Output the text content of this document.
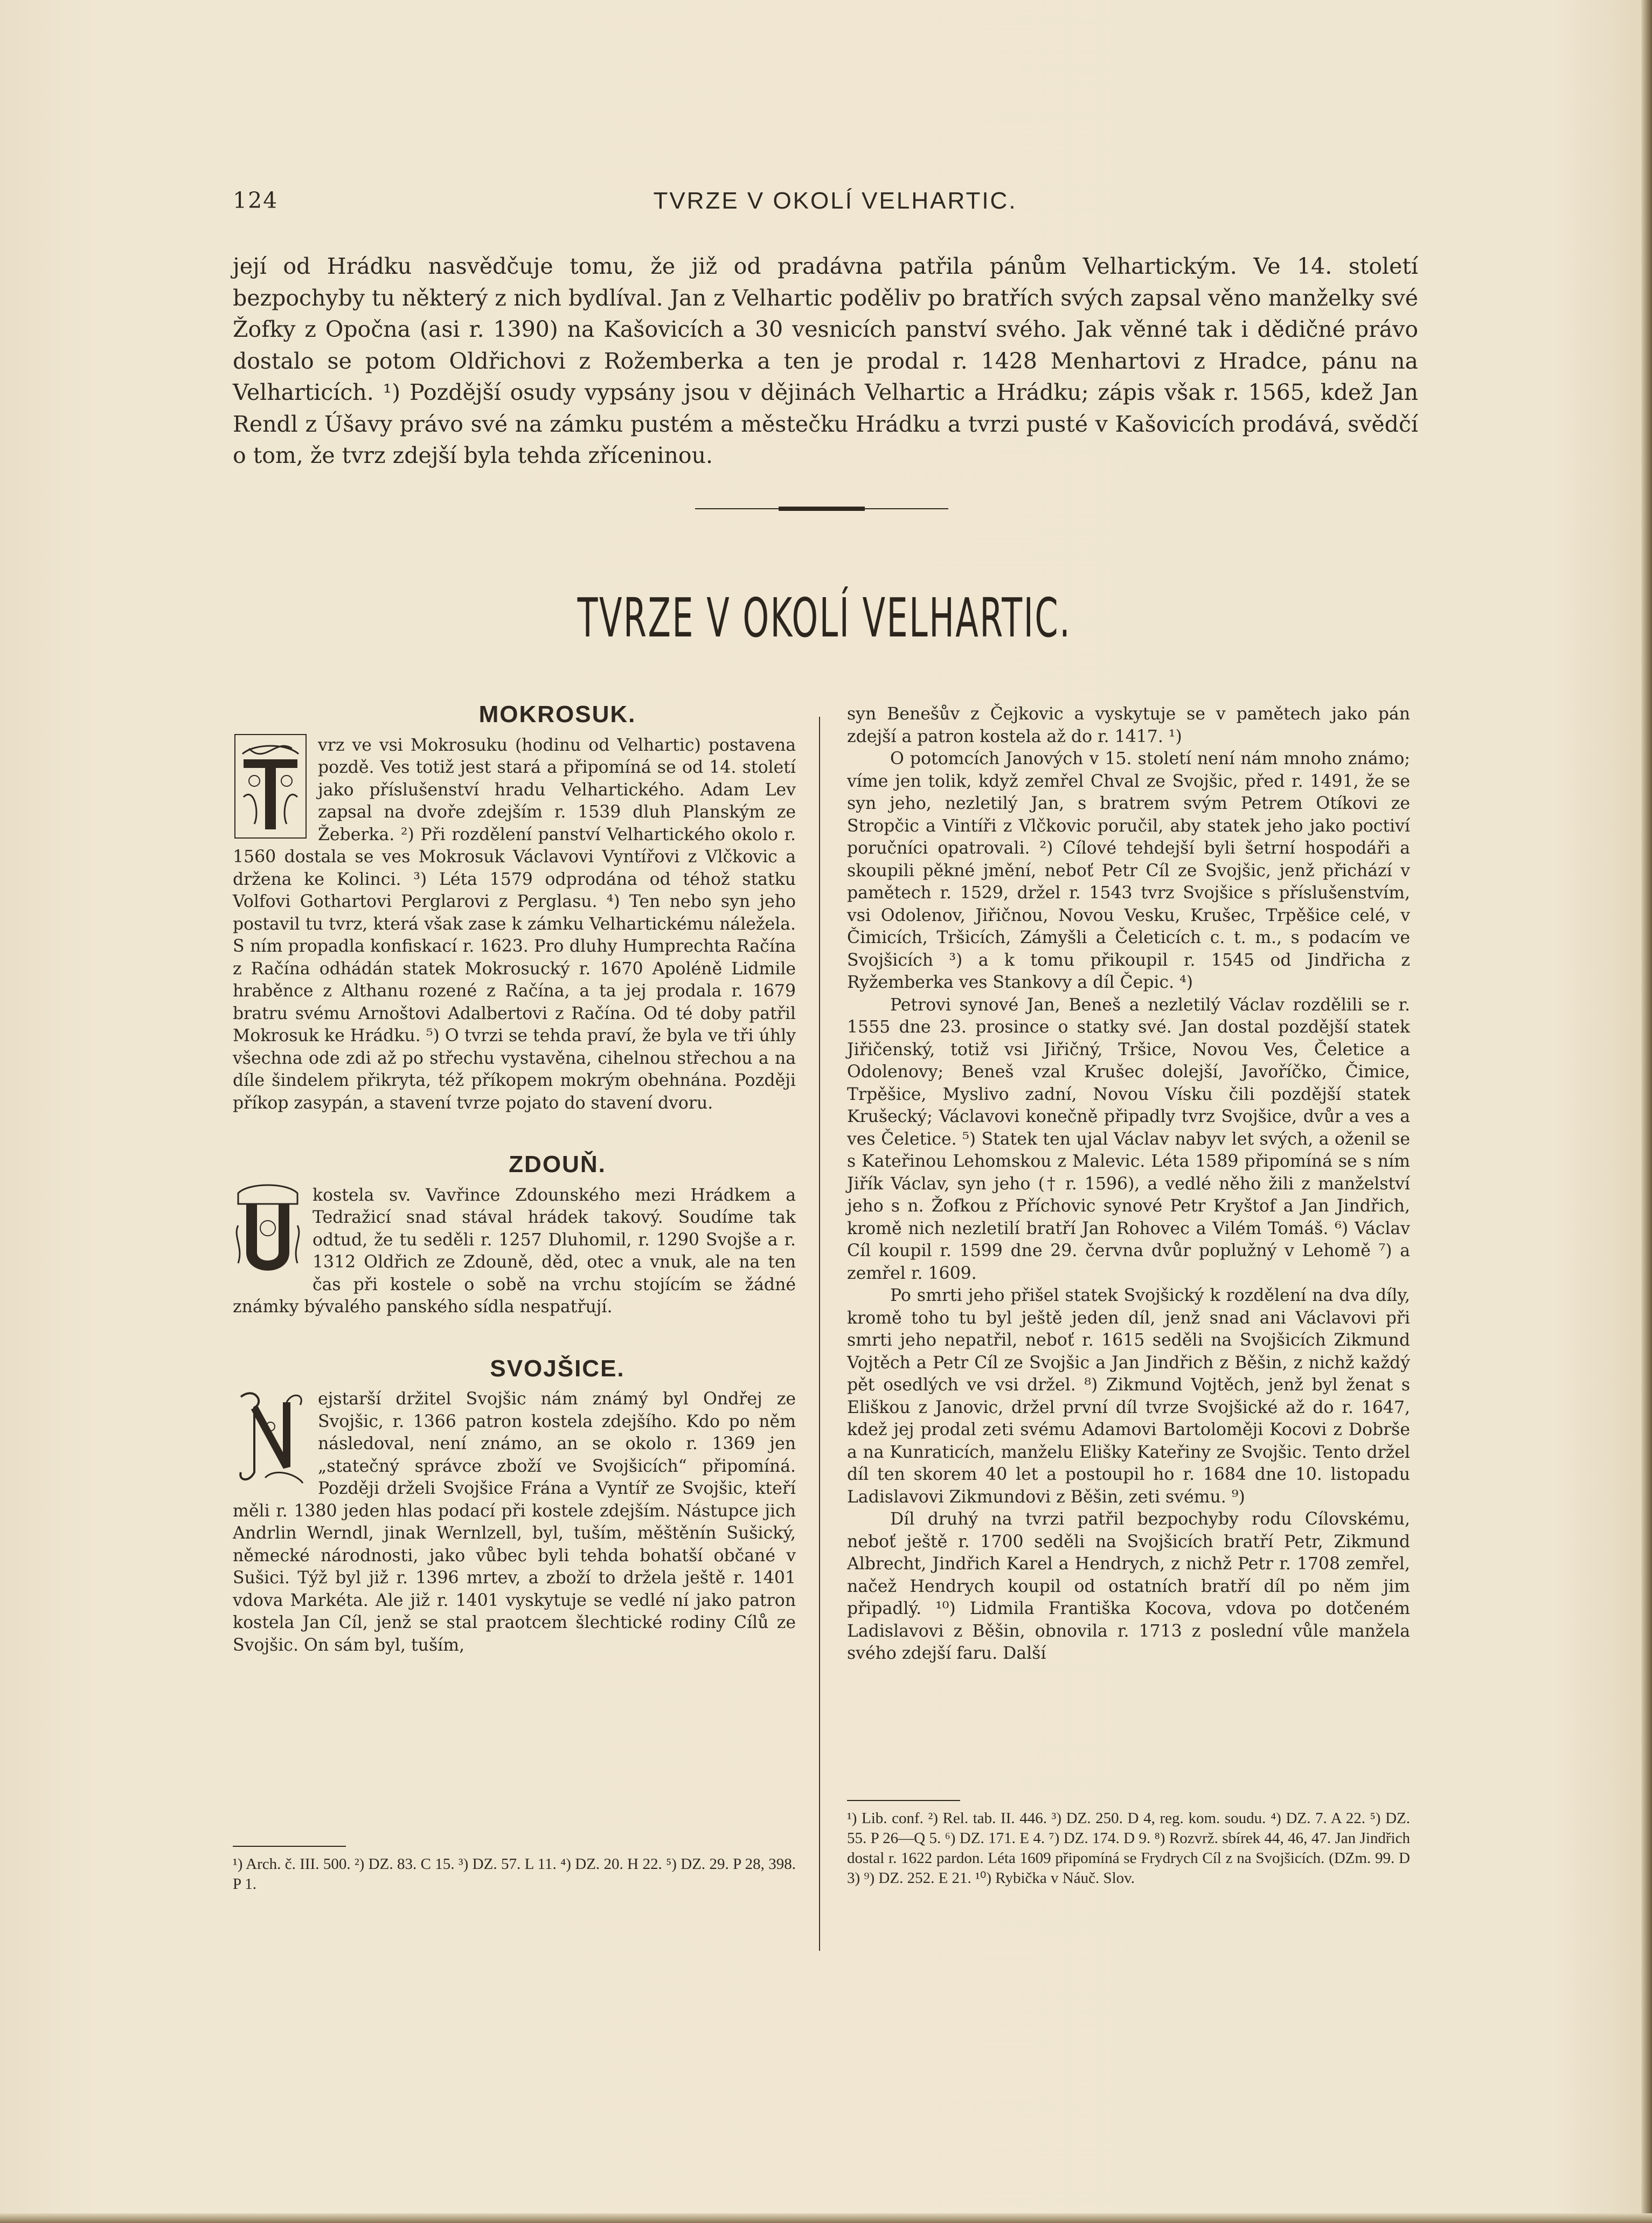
124	TVRZE V OKOLÍ VELHARTIC.
její od Hrádku nasvědčuje tomu, že již od pradávna patřila pánům Velhartickým. Ve 14. století bezpochyby tu některý z nich bydlíval. Jan z Velhartic poděliv po bratřích svých zapsal věno manželky své Žofky z Opočna (asi r. 1390) na Kašovicích a 30 vesnicích panství svého. Jak věnné tak i dědičné právo dostalo se potom Oldřichovi z Rožemberka a ten je prodal r. 1428 Menhartovi z Hradce, pánu na Velharticích. ¹) Pozdější osudy vypsány jsou v dějinách Velhartic a Hrádku; zápis však r. 1565, kdež Jan Rendl z Úšavy právo své na zámku pustém a městečku Hrádku a tvrzi pusté v Kašovicích prodává, svědčí o tom, že tvrz zdejší byla tehda zříceninou.
TVRZE V OKOLÍ VELHARTIC.
MOKROSUK.

vrz ve vsi Mokrosuku (hodinu od Velhartic) postavena pozdě. Ves totiž jest stará a připomíná se od 14. století jako příslušenství hradu Velhartického. Adam Lev zapsal na dvoře zdejším r. 1539 dluh Planským ze Žeberka. ²) Při rozdělení panství Velhartického okolo r. 1560 dostala se ves Mokrosuk Václavovi Vyntířovi z Vlčkovic a držena ke Kolinci. ³) Léta 1579 odprodána od téhož statku Volfovi Gothartovi Perglarovi z Perglasu. ⁴) Ten nebo syn jeho postavil tu tvrz, která však zase k zámku Velhartickému náležela. S ním propadla konfiskací r. 1623. Pro dluhy Humprechta Račína z Račína odhádán statek Mokrosucký r. 1670 Apoléně Lidmile hraběnce z Althanu rozené z Račína, a ta jej prodala r. 1679 bratru svému Arnoštovi Adalbertovi z Račína. Od té doby patřil Mokrosuk ke Hrádku. ⁵) O tvrzi se tehda praví, že byla ve tři úhly všechna ode zdi až po střechu vystavěna, cihelnou střechou a na díle šindelem přikryta, též příkopem mokrým obehnána. Později příkop zasypán, a stavení tvrze pojato do stavení dvoru.

ZDOUŇ.

kostela sv. Vavřince Zdounského mezi Hrádkem a Tedražicí snad stával hrádek takový. Soudíme tak odtud, že tu seděli r. 1257 Dluhomil, r. 1290 Svojše a r. 1312 Oldřich ze Zdouně, děd, otec a vnuk, ale na ten čas při kostele o sobě na vrchu stojícím se žádné známky bývalého panského sídla nespatřují.

SVOJŠICE.

ejstarší držitel Svojšic nám známý byl Ondřej ze Svojšic, r. 1366 patron kostela zdejšího. Kdo po něm následoval, není známo, an se okolo r. 1369 jen „statečný správce zboží ve Svojšicích“ připomíná. Později drželi Svojšice Frána a Vyntíř ze Svojšic, kteří měli r. 1380 jeden hlas podací při kostele zdejším. Nástupce jich Andrlin Werndl, jinak Wernlzell, byl, tuším, měštěnín Sušický, německé národnosti, jako vůbec byli tehda bohatší občané v Sušici. Týž byl již r. 1396 mrtev, a zboží to držela ještě r. 1401 vdova Markéta. Ale již r. 1401 vyskytuje se vedlé ní jako patron kostela Jan Cíl, jenž se stal praotcem šlechtické rodiny Cílů ze Svojšic. On sám byl, tuším,

syn Benešův z Čejkovic a vyskytuje se v pamětech jako pán zdejší a patron kostela až do r. 1417. ¹)

O potomcích Janových v 15. století není nám mnoho známo; víme jen tolik, když zemřel Chval ze Svojšic, před r. 1491, že se syn jeho, nezletilý Jan, s bratrem svým Petrem Otíkovi ze Stropčic a Vintíři z Vlčkovic poručil, aby statek jeho jako poctiví poručníci opatrovali. ²) Cílové tehdejší byli šetrní hospodáři a skoupili pěkné jmění, neboť Petr Cíl ze Svojšic, jenž přichází v pamětech r. 1529, držel r. 1543 tvrz Svojšice s příslušenstvím, vsi Odolenov, Jiřičnou, Novou Vesku, Krušec, Trpěšice celé, v Čimicích, Tršicích, Zámyšli a Čeleticích c. t. m., s podacím ve Svojšicích ³) a k tomu přikoupil r. 1545 od Jindřicha z Ryžemberka ves Stankovy a díl Čepic. ⁴)

Petrovi synové Jan, Beneš a nezletilý Václav rozdělili se r. 1555 dne 23. prosince o statky své. Jan dostal pozdější statek Jiřičenský, totiž vsi Jiřičný, Tršice, Novou Ves, Čeletice a Odolenovy; Beneš vzal Krušec dolejší, Javoříčko, Čimice, Trpěšice, Myslivo zadní, Novou Vísku čili pozdější statek Krušecký; Václavovi konečně připadly tvrz Svojšice, dvůr a ves a ves Čeletice. ⁵) Statek ten ujal Václav nabyv let svých, a oženil se s Kateřinou Lehomskou z Malevic. Léta 1589 připomíná se s ním Jiřík Václav, syn jeho († r. 1596), a vedlé něho žili z manželství jeho s n. Žofkou z Příchovic synové Petr Kryštof a Jan Jindřich, kromě nich nezletilí bratří Jan Rohovec a Vilém Tomáš. ⁶) Václav Cíl koupil r. 1599 dne 29. června dvůr poplužný v Lehomě ⁷) a zemřel r. 1609.

Po smrti jeho přišel statek Svojšický k rozdělení na dva díly, kromě toho tu byl ještě jeden díl, jenž snad ani Václavovi při smrti jeho nepatřil, neboť r. 1615 seděli na Svojšicích Zikmund Vojtěch a Petr Cíl ze Svojšic a Jan Jindřich z Běšin, z nichž každý pět osedlých ve vsi držel. ⁸) Zikmund Vojtěch, jenž byl ženat s Eliškou z Janovic, držel první díl tvrze Svojšické až do r. 1647, kdež jej prodal zeti svému Adamovi Bartoloměji Kocovi z Dobrše a na Kunraticích, manželu Elišky Kateřiny ze Svojšic. Tento držel díl ten skorem 40 let a postoupil ho r. 1684 dne 10. listopadu Ladislavovi Zikmundovi z Běšin, zeti svému. ⁹)

Díl druhý na tvrzi patřil bezpochyby rodu Cílovskému, neboť ještě r. 1700 seděli na Svojšicích bratří Petr, Zikmund Albrecht, Jindřich Karel a Hendrych, z nichž Petr r. 1708 zemřel, načež Hendrych koupil od ostatních bratří díl po něm jim připadlý. ¹⁰) Lidmila Františka Kocova, vdova po dotčeném Ladislavovi z Běšin, obnovila r. 1713 z poslední vůle manžela svého zdejší faru. Další

¹) Arch. č. III. 500. ²) DZ. 83. C 15. ³) DZ. 57. L 11. ⁴) DZ. 20. H 22. ⁵) DZ. 29. P 28, 398. P 1.

¹) Lib. conf. ²) Rel. tab. II. 446. ³) DZ. 250. D 4, reg. kom. soudu. ⁴) DZ. 7. A 22. ⁵) DZ. 55. P 26—Q 5. ⁶) DZ. 171. E 4. ⁷) DZ. 174. D 9. ⁸) Rozvrž. sbírek 44, 46, 47. Jan Jindřich dostal r. 1622 pardon. Léta 1609 připomíná se Frydrych Cíl z na Svojšicích. (DZm. 99. D 3) ⁹) DZ. 252. E 21. ¹⁰) Rybička v Náuč. Slov.
